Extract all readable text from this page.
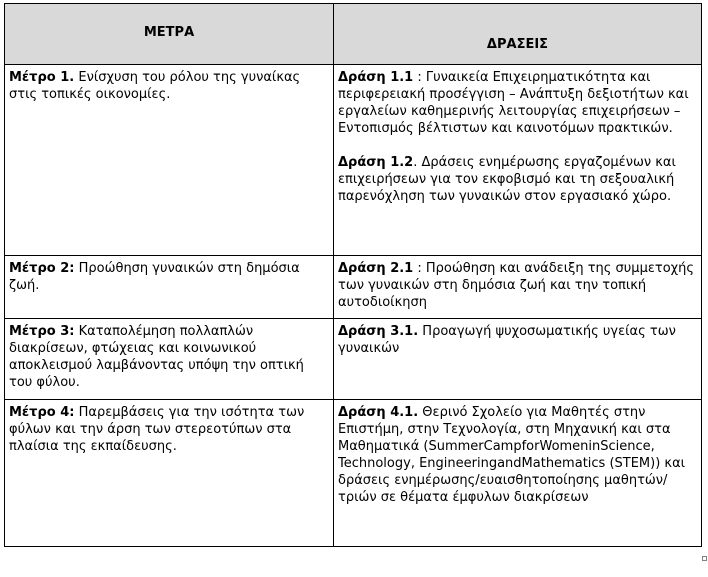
ΜΕΤΡΑ	ΔΡΑΣΕΙΣ

Μέτρο 1. Ενίσχυση του ρόλου της γυναίκας στις τοπικές οικονομίες.	Δράση 1.1 : Γυναικεία Επιχειρηματικότητα και περιφερειακή προσέγγιση – Ανάπτυξη δεξιοτήτων και εργαλείων καθημερινής λειτουργίας επιχειρήσεων – Εντοπισμός βέλτιστων και καινοτόμων πρακτικών.

Δράση 1.2. Δράσεις ενημέρωσης εργαζομένων και επιχειρήσεων για τον εκφοβισμό και τη σεξουαλική παρενόχληση των γυναικών στον εργασιακό χώρο.

Μέτρο 2: Προώθηση γυναικών στη δημόσια ζωή.	Δράση 2.1 : Προώθηση και ανάδειξη της συμμετοχής των γυναικών στη δημόσια ζωή και την τοπική αυτοδιοίκηση

Μέτρο 3: Καταπολέμηση πολλαπλών διακρίσεων, φτώχειας και κοινωνικού αποκλεισμού λαμβάνοντας υπόψη την οπτική του φύλου.	Δράση 3.1. Προαγωγή ψυχοσωματικής υγείας των γυναικών

Μέτρο 4: Παρεμβάσεις για την ισότητα των φύλων και την άρση των στερεοτύπων στα πλαίσια της εκπαίδευσης.	Δράση 4.1. Θερινό Σχολείο για Μαθητές στην Επιστήμη, στην Τεχνολογία, στη Μηχανική και στα Μαθηματικά (SummerCampforWomeninScience, Technology, EngineeringandMathematics (STEM)) και δράσεις ενημέρωσης/ευαισθητοποίησης μαθητών/τριών σε θέματα έμφυλων διακρίσεων
